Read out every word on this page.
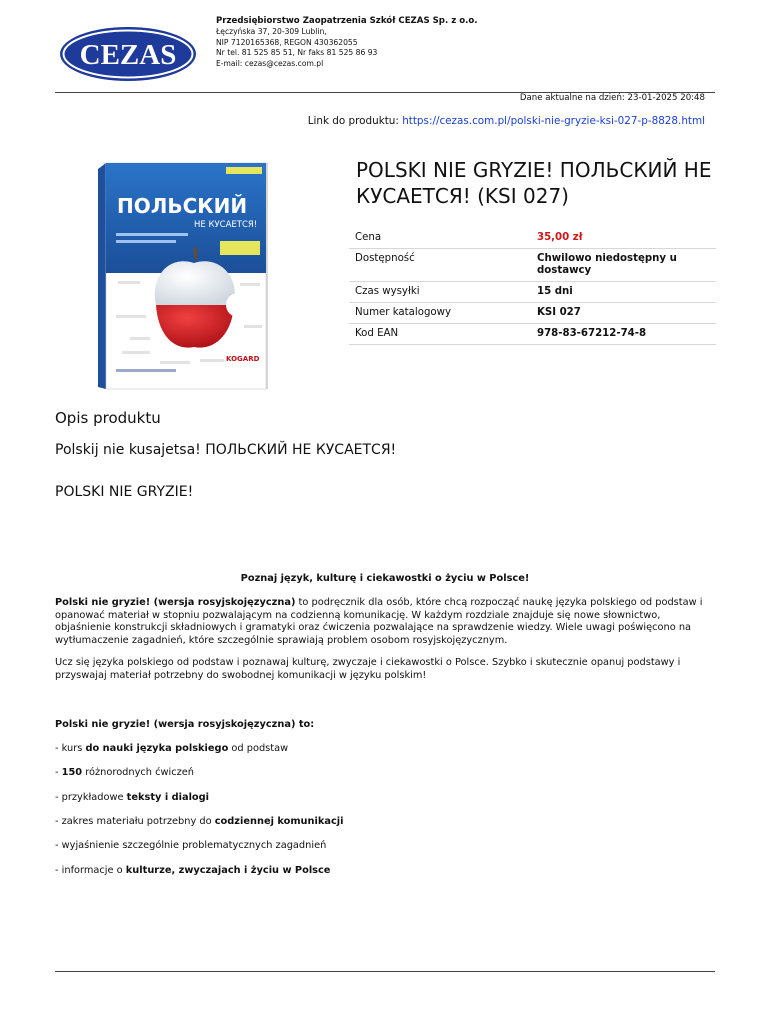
CEZAS
Przedsiębiorstwo Zaopatrzenia Szkół CEZAS Sp. z o.o.
Łęczyńska 37, 20-309 Lublin,
NIP 7120165368, REGON 430362055
Nr tel. 81 525 85 51, Nr faks 81 525 86 93
E-mail: cezas@cezas.com.pl
Dane aktualne na dzień: 23-01-2025 20:48
Link do produktu: https://cezas.com.pl/polski-nie-gryzie-ksi-027-p-8828.html
ПОЛЬСКИЙ
НЕ КУСАЕТСЯ!
KOGARD
POLSKI NIE GRYZIE! ПОЛЬСКИЙ НЕ КУСАЕТСЯ! (KSI 027)
Cena	35,00 zł
Dostępność	Chwilowo niedostępny u dostawcy
Czas wysyłki	15 dni
Numer katalogowy	KSI 027
Kod EAN	978-83-67212-74-8
Opis produktu
Polskij nie kusajetsa! ПОЛЬСКИЙ НЕ КУСАЕТСЯ!
POLSKI NIE GRYZIE!
Poznaj język, kulturę i ciekawostki o życiu w Polsce!
Polski nie gryzie! (wersja rosyjskojęzyczna) to podręcznik dla osób, które chcą rozpocząć naukę języka polskiego od podstaw i opanować materiał w stopniu pozwalającym na codzienną komunikację. W każdym rozdziale znajduje się nowe słownictwo, objaśnienie konstrukcji składniowych i gramatyki oraz ćwiczenia pozwalające na sprawdzenie wiedzy. Wiele uwagi poświęcono na wytłumaczenie zagadnień, które szczególnie sprawiają problem osobom rosyjskojęzycznym.
Ucz się języka polskiego od podstaw i poznawaj kulturę, zwyczaje i ciekawostki o Polsce. Szybko i skutecznie opanuj podstawy i przyswajaj materiał potrzebny do swobodnej komunikacji w języku polskim!
Polski nie gryzie! (wersja rosyjskojęzyczna) to:
- kurs do nauki języka polskiego od podstaw
- 150 różnorodnych ćwiczeń
- przykładowe teksty i dialogi
- zakres materiału potrzebny do codziennej komunikacji
- wyjaśnienie szczególnie problematycznych zagadnień
- informacje o kulturze, zwyczajach i życiu w Polsce
